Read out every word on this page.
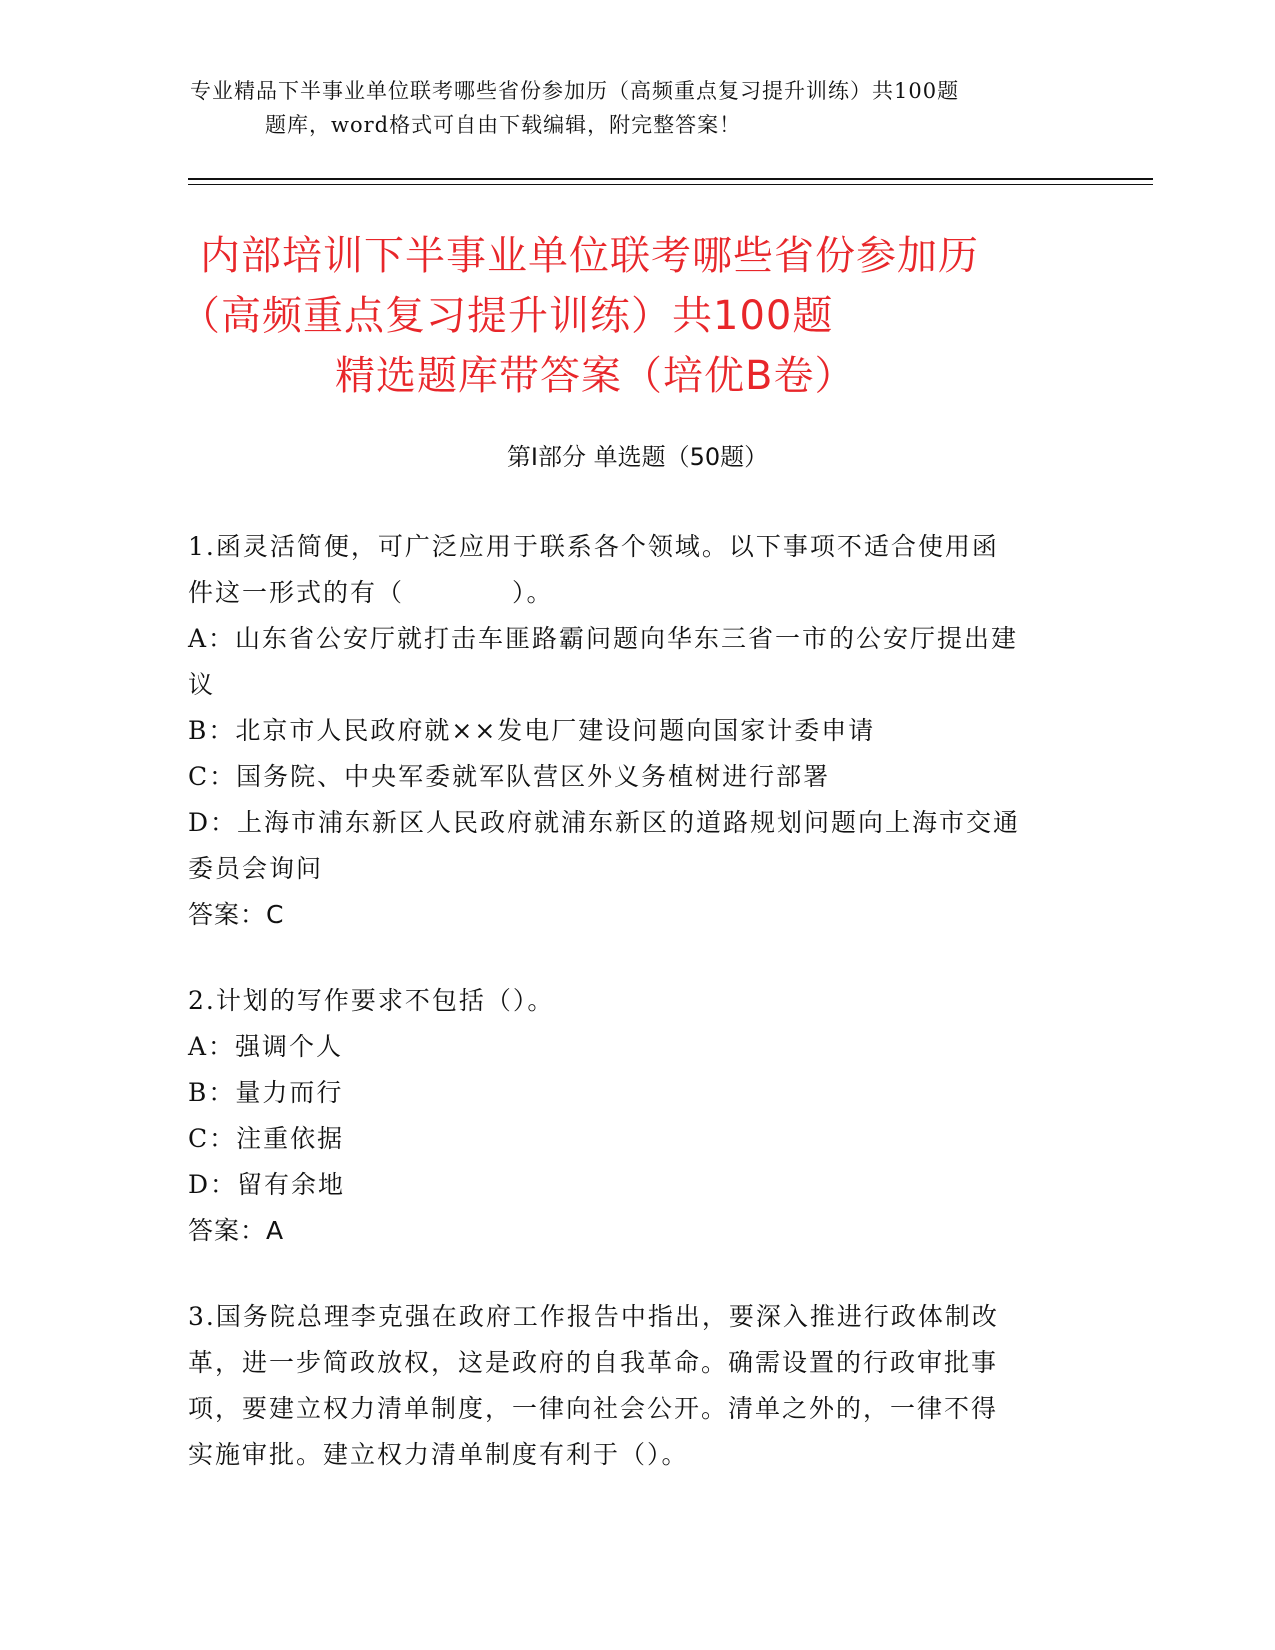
专业精品下半事业单位联考哪些省份参加历（高频重点复习提升训练）共100题
题库，word格式可自由下载编辑，附完整答案！
内部培训下半事业单位联考哪些省份参加历
（高频重点复习提升训练）共100题
精选题库带答案（培优B卷）
第Ⅰ部分 单选题（50题）

1.函灵活简便，可广泛应用于联系各个领域。以下事项不适合使用函
件这一形式的有（　　　　）。

A：山东省公安厅就打击车匪路霸问题向华东三省一市的公安厅提出建
议

B：北京市人民政府就××发电厂建设问题向国家计委申请

C：国务院、中央军委就军队营区外义务植树进行部署

D：上海市浦东新区人民政府就浦东新区的道路规划问题向上海市交通
委员会询问

答案：C

2.计划的写作要求不包括（）。

A：强调个人

B：量力而行

C：注重依据

D：留有余地

答案：A

3.国务院总理李克强在政府工作报告中指出，要深入推进行政体制改
革，进一步简政放权，这是政府的自我革命。确需设置的行政审批事
项，要建立权力清单制度，一律向社会公开。清单之外的，一律不得
实施审批。建立权力清单制度有利于（）。
